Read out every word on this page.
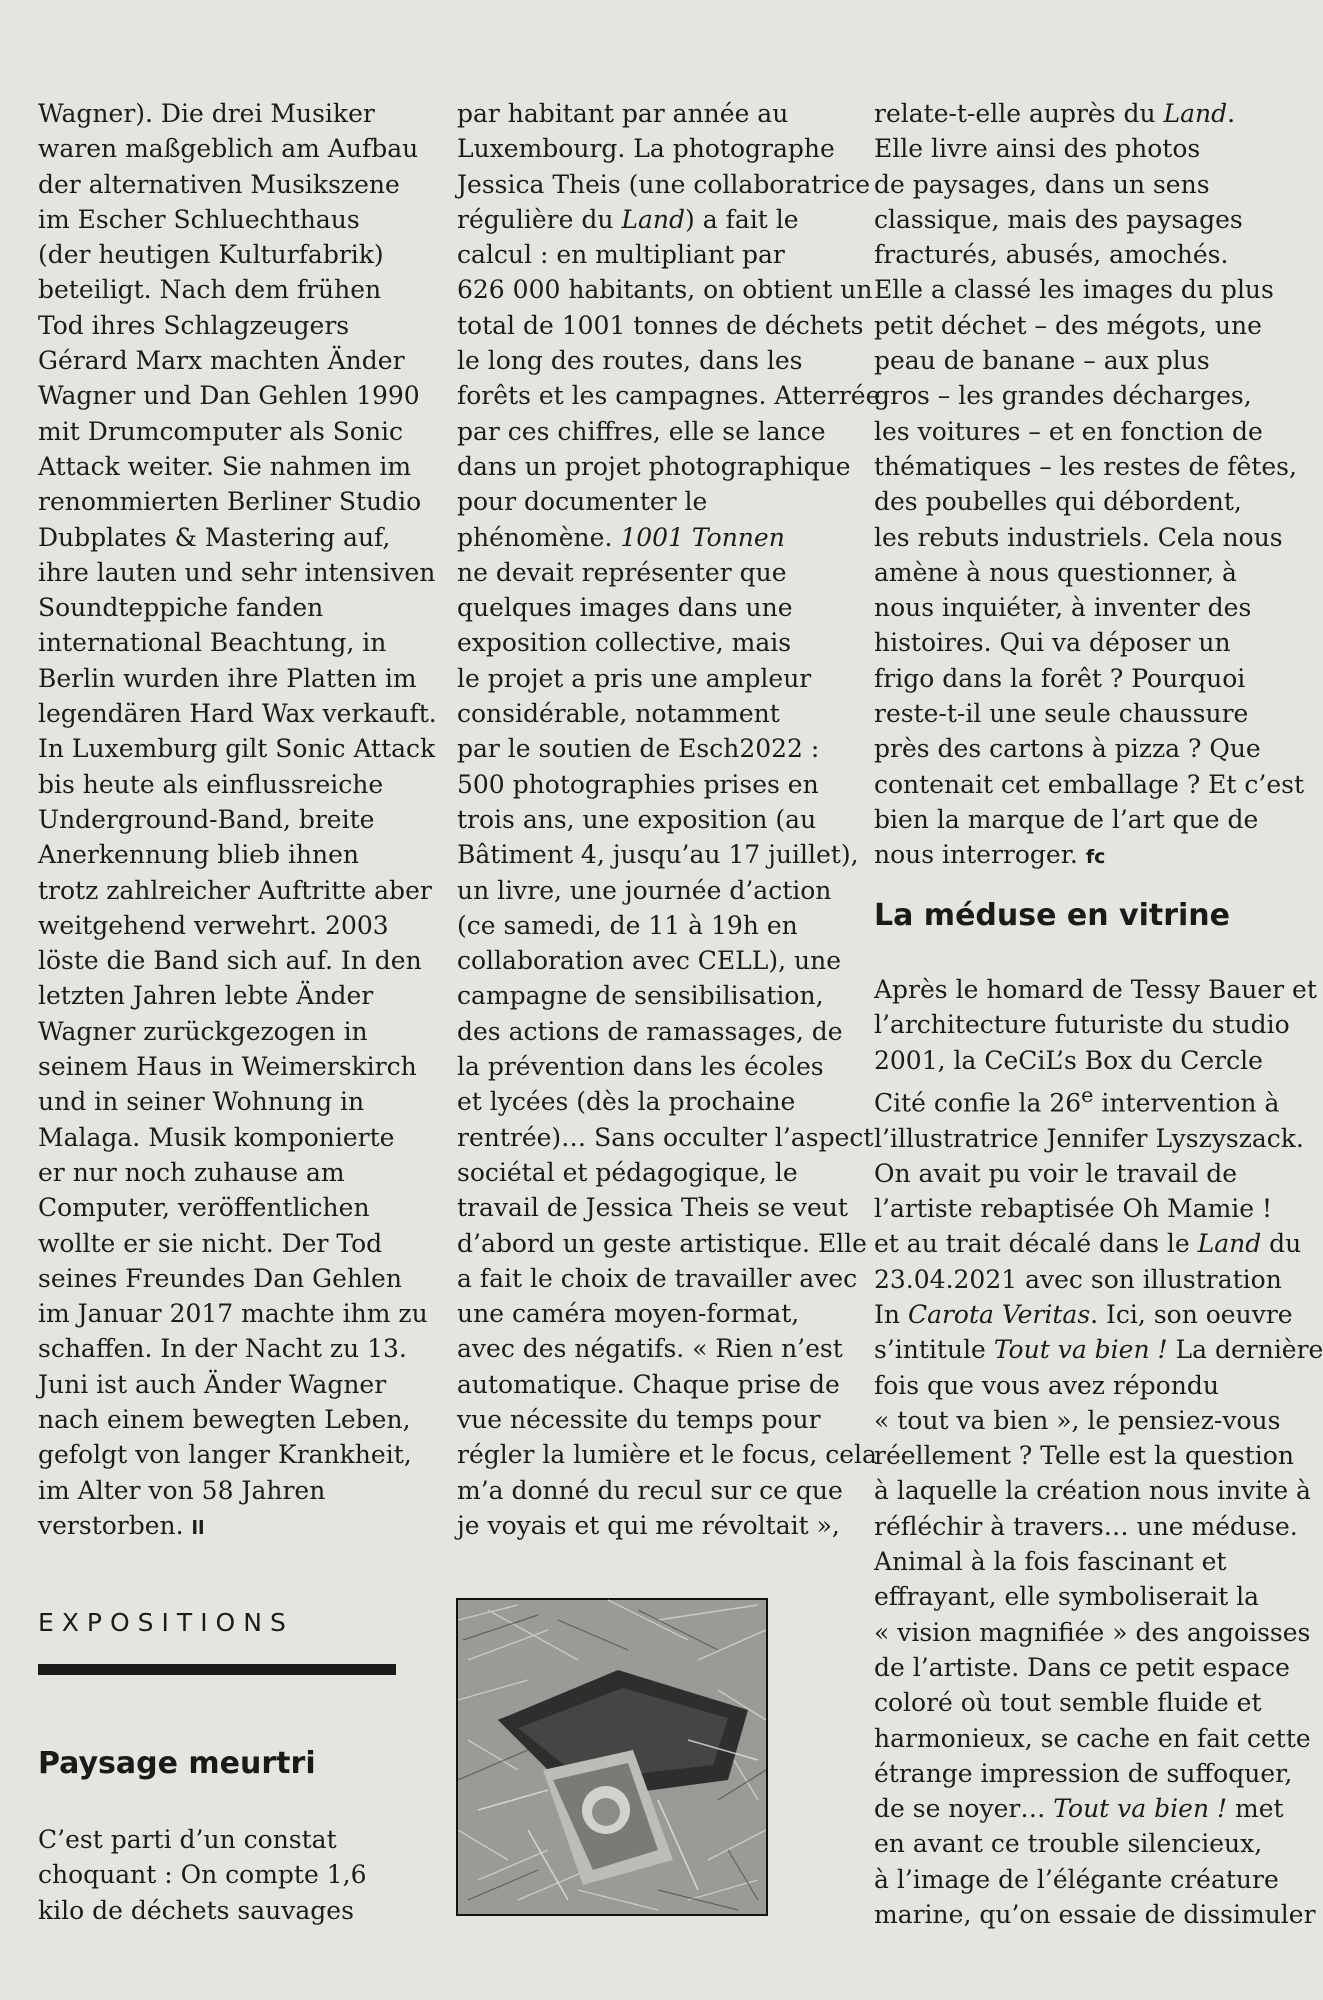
Wagner). Die drei Musiker

waren maßgeblich am Aufbau

der alternativen Musikszene

im Escher Schluechthaus

(der heutigen Kulturfabrik)

beteiligt. Nach dem frühen

Tod ihres Schlagzeugers

Gérard Marx machten Änder

Wagner und Dan Gehlen 1990

mit Drumcomputer als Sonic

Attack weiter. Sie nahmen im

renommierten Berliner Studio

Dubplates & Mastering auf,

ihre lauten und sehr intensiven

Soundteppiche fanden

international Beachtung, in

Berlin wurden ihre Platten im

legendären Hard Wax verkauft.

In Luxemburg gilt Sonic Attack

bis heute als einflussreiche

Underground-Band, breite

Anerkennung blieb ihnen

trotz zahlreicher Auftritte aber

weitgehend verwehrt. 2003

löste die Band sich auf. In den

letzten Jahren lebte Änder

Wagner zurückgezogen in

seinem Haus in Weimerskirch

und in seiner Wohnung in

Malaga. Musik komponierte

er nur noch zuhause am

Computer, veröffentlichen

wollte er sie nicht. Der Tod

seines Freundes Dan Gehlen

im Januar 2017 machte ihm zu

schaffen. In der Nacht zu 13.

Juni ist auch Änder Wagner

nach einem bewegten Leben,

gefolgt von langer Krankheit,

im Alter von 58 Jahren

verstorben. ll

EXPOSITIONS
Paysage meurtri

C’est parti d’un constat

choquant : On compte 1,6

kilo de déchets sauvages

par habitant par année au

Luxembourg. La photographe

Jessica Theis (une collaboratrice

régulière du Land) a fait le

calcul : en multipliant par

626 000 habitants, on obtient un

total de 1001 tonnes de déchets

le long des routes, dans les

forêts et les campagnes. Atterrée

par ces chiffres, elle se lance

dans un projet photographique

pour documenter le

phénomène. 1001 Tonnen

ne devait représenter que

quelques images dans une

exposition collective, mais

le projet a pris une ampleur

considérable, notamment

par le soutien de Esch2022 :

500 photographies prises en

trois ans, une exposition (au

Bâtiment 4, jusqu’au 17 juillet),

un livre, une journée d’action

(ce samedi, de 11 à 19h en

collaboration avec CELL), une

campagne de sensibilisation,

des actions de ramassages, de

la prévention dans les écoles

et lycées (dès la prochaine

rentrée)… Sans occulter l’aspect

sociétal et pédagogique, le

travail de Jessica Theis se veut

d’abord un geste artistique. Elle

a fait le choix de travailler avec

une caméra moyen-format,

avec des négatifs. « Rien n’est

automatique. Chaque prise de

vue nécessite du temps pour

régler la lumière et le focus, cela

m’a donné du recul sur ce que

je voyais et qui me révoltait »,

relate-t-elle auprès du Land.

Elle livre ainsi des photos

de paysages, dans un sens

classique, mais des paysages

fracturés, abusés, amochés.

Elle a classé les images du plus

petit déchet – des mégots, une

peau de banane – aux plus

gros – les grandes décharges,

les voitures – et en fonction de

thématiques – les restes de fêtes,

des poubelles qui débordent,

les rebuts industriels. Cela nous

amène à nous questionner, à

nous inquiéter, à inventer des

histoires. Qui va déposer un

frigo dans la forêt ? Pourquoi

reste-t-il une seule chaussure

près des cartons à pizza ? Que

contenait cet emballage ? Et c’est

bien la marque de l’art que de

nous interroger. fc

La méduse en vitrine

Après le homard de Tessy Bauer et

l’architecture futuriste du studio

2001, la CeCiL’s Box du Cercle

Cité confie la 26e intervention à

l’illustratrice Jennifer Lyszyszack.

On avait pu voir le travail de

l’artiste rebaptisée Oh Mamie !

et au trait décalé dans le Land du

23.04.2021 avec son illustration

In Carota Veritas. Ici, son oeuvre

s’intitule Tout va bien ! La dernière

fois que vous avez répondu

« tout va bien », le pensiez-vous

réellement ? Telle est la question

à laquelle la création nous invite à

réfléchir à travers… une méduse.

Animal à la fois fascinant et

effrayant, elle symboliserait la

« vision magnifiée » des angoisses

de l’artiste. Dans ce petit espace

coloré où tout semble fluide et

harmonieux, se cache en fait cette

étrange impression de suffoquer,

de se noyer… Tout va bien ! met

en avant ce trouble silencieux,

à l’image de l’élégante créature

marine, qu’on essaie de dissimuler
